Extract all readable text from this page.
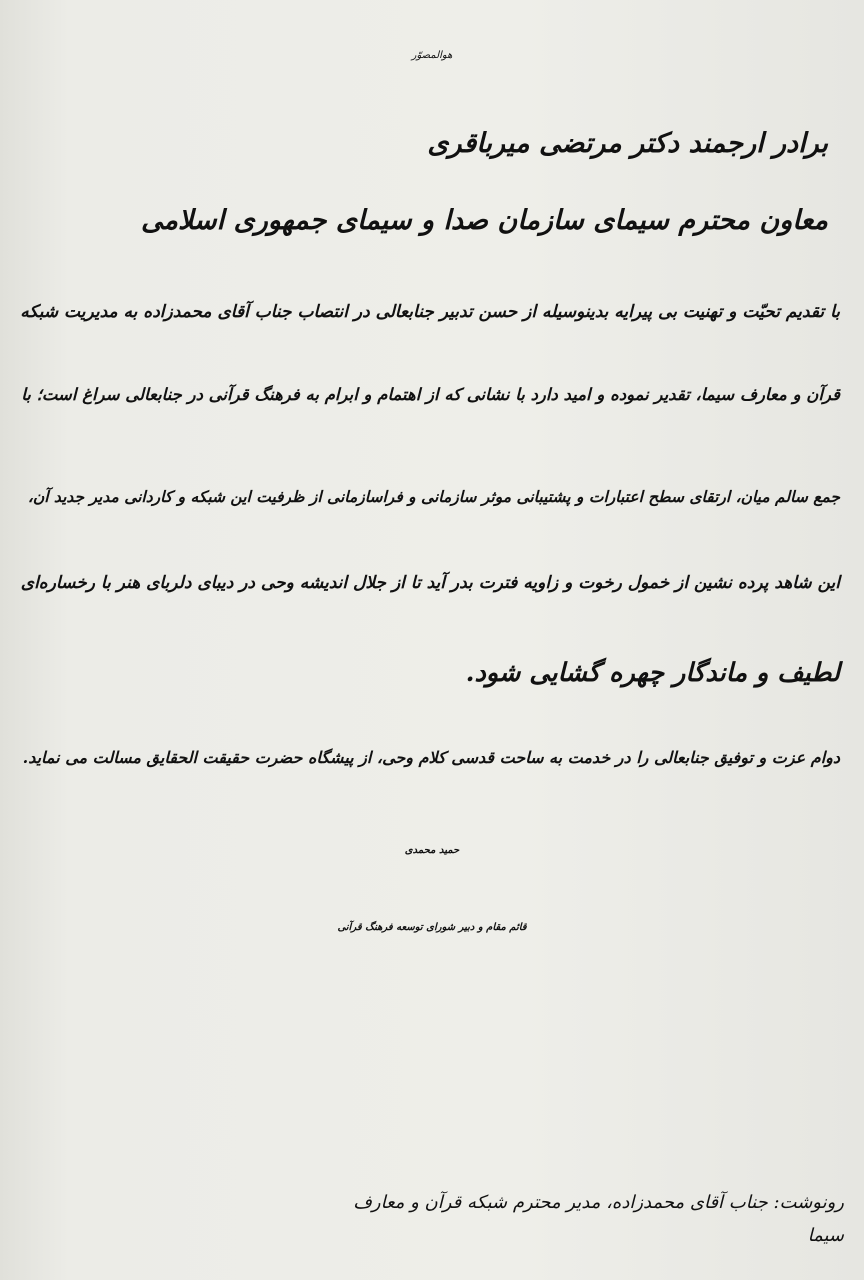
هوالمصوّر

برادر ارجمند دکتر مرتضی میرباقری

معاون محترم سیمای سازمان صدا و سیمای جمهوری اسلامی

با تقدیم تحیّت و تهنیت بی پیرایه بدینوسیله از حسن تدبیر جنابعالی در انتصاب جناب آقای محمدزاده به مدیریت شبکه

قرآن و معارف سیما، تقدیر نموده و امید دارد با نشانی که از اهتمام و ابرام به فرهنگ قرآنی در جنابعالی سراغ است؛ با

جمع سالم میان، ارتقای سطح اعتبارات و پشتیبانی موثر سازمانی و فراسازمانی از ظرفیت این شبکه و کاردانی مدیر جدید آن،

این شاهد پرده نشین از خمول رخوت و زاویه فترت بدر آید تا از جلال اندیشه وحی در دیبای دلربای هنر با رخساره‌ای

لطیف و ماندگار چهره گشایی شود.

دوام عزت و توفیق جنابعالی را در خدمت به ساحت قدسی کلام وحی، از پیشگاه حضرت حقیقت الحقایق مسالت می نماید.

حمید محمدی

قائم مقام و دبیر شورای توسعه فرهنگ قرآنی

رونوشت: جناب آقای محمدزاده، مدیر محترم شبکه قرآن و معارف

سیما
